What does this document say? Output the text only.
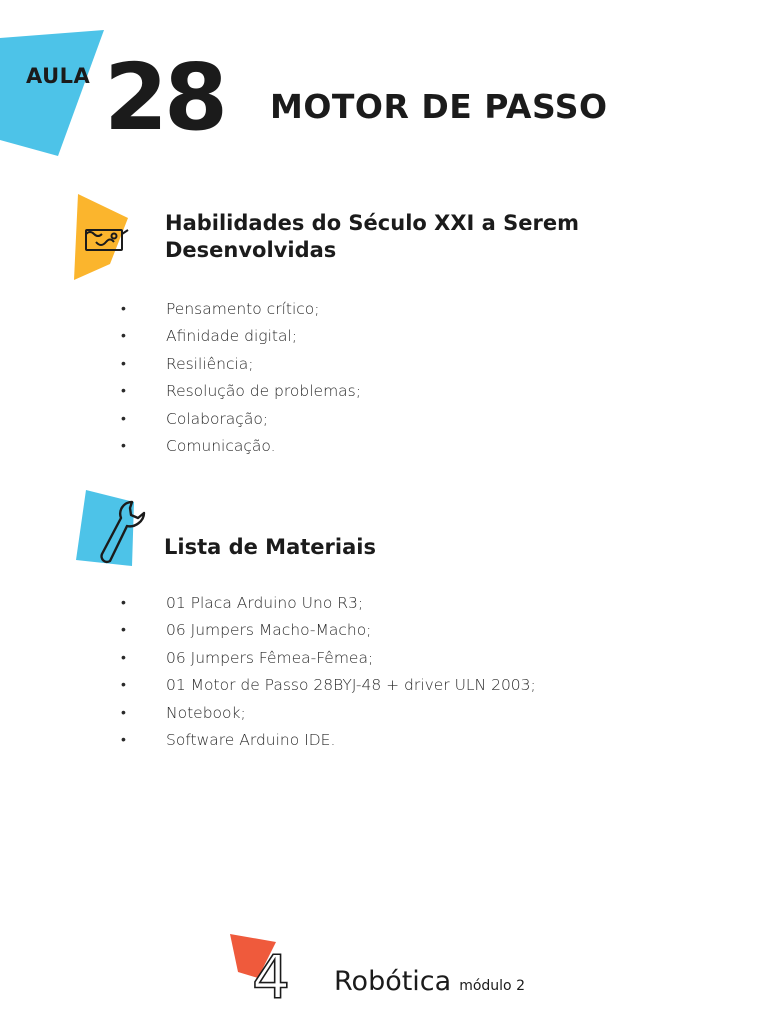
AULA 28 MOTOR DE PASSO
Habilidades do Século XXI a Serem
Desenvolvidas
•	Pensamento crítico;
•	Afinidade digital;
•	Resiliência;
•	Resolução de problemas;
•	Colaboração;
•	Comunicação.
Lista de Materiais
•	01 Placa Arduino Uno R3;
•	06 Jumpers Macho-Macho;
•	06 Jumpers Fêmea-Fêmea;
•	01 Motor de Passo 28BYJ-48 + driver ULN 2003;
•	Notebook;
•	Software Arduino IDE.
4 Robótica módulo 2
